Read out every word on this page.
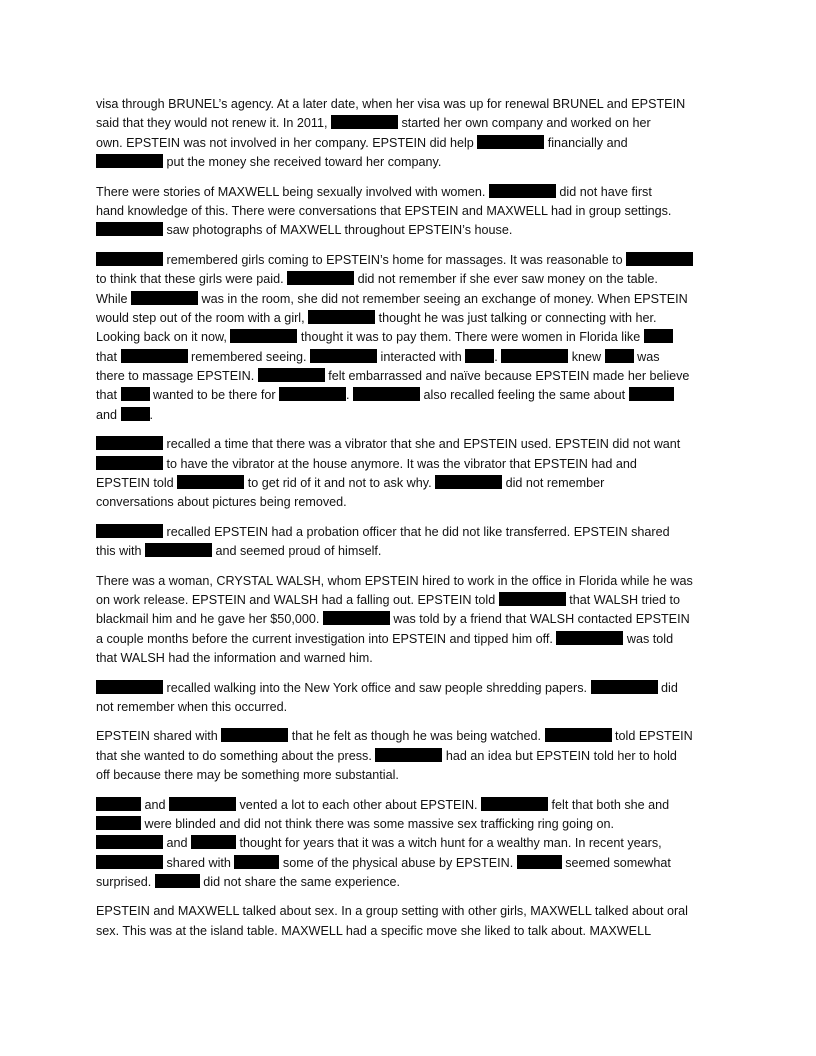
visa through BRUNEL’s agency. At a later date, when her visa was up for renewal BRUNEL and EPSTEIN
said that they would not renew it. In 2011,	started her own company and worked on her
own. EPSTEIN was not involved in her company. EPSTEIN did help	financially and
put the money she received toward her company.
There were stories of MAXWELL being sexually involved with women.	did not have first
hand knowledge of this. There were conversations that EPSTEIN and MAXWELL had in group settings.
saw photographs of MAXWELL throughout EPSTEIN’s house.
remembered girls coming to EPSTEIN’s home for massages. It was reasonable to
to think that these girls were paid.	did not remember if she ever saw money on the table.
While	was in the room, she did not remember seeing an exchange of money. When EPSTEIN
would step out of the room with a girl,	thought he was just talking or connecting with her.
Looking back on it now,	thought it was to pay them. There were women in Florida like
that	remembered seeing.	interacted with .	knew  was
there to massage EPSTEIN.	felt embarrassed and naïve because EPSTEIN made her believe
that  wanted to be there for	.	also recalled feeling the same about
and .
recalled a time that there was a vibrator that she and EPSTEIN used. EPSTEIN did not want
to have the vibrator at the house anymore. It was the vibrator that EPSTEIN had and
EPSTEIN told	to get rid of it and not to ask why.	did not remember
conversations about pictures being removed.
recalled EPSTEIN had a probation officer that he did not like transferred. EPSTEIN shared
this with	and seemed proud of himself.
There was a woman, CRYSTAL WALSH, whom EPSTEIN hired to work in the office in Florida while he was
on work release. EPSTEIN and WALSH had a falling out. EPSTEIN told	that WALSH tried to
blackmail him and he gave her $50,000.	was told by a friend that WALSH contacted EPSTEIN
a couple months before the current investigation into EPSTEIN and tipped him off.	was told
that WALSH had the information and warned him.
recalled walking into the New York office and saw people shredding papers.	did
not remember when this occurred.
EPSTEIN shared with	that he felt as though he was being watched.	told EPSTEIN
that she wanted to do something about the press.	had an idea but EPSTEIN told her to hold
off because there may be something more substantial.
and	vented a lot to each other about EPSTEIN.	felt that both she and
were blinded and did not think there was some massive sex trafficking ring going on.
and	thought for years that it was a witch hunt for a wealthy man. In recent years,
shared with	some of the physical abuse by EPSTEIN.	seemed somewhat
surprised.	did not share the same experience.
EPSTEIN and MAXWELL talked about sex. In a group setting with other girls, MAXWELL talked about oral
sex. This was at the island table. MAXWELL had a specific move she liked to talk about. MAXWELL
